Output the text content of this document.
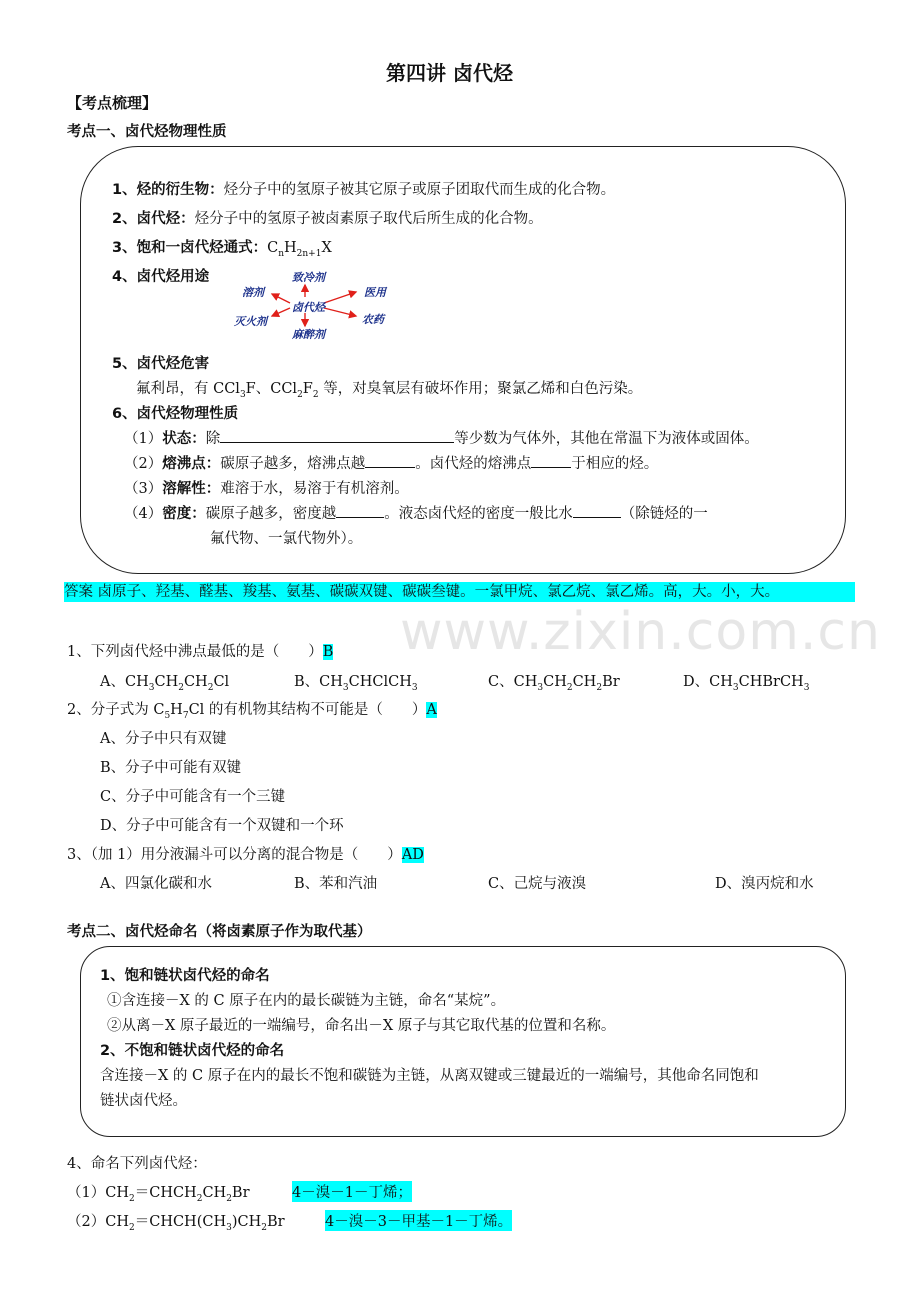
www.zixin.com.cn
第四讲 卤代烃
【考点梳理】
考点一、卤代烃物理性质
1、烃的衍生物：烃分子中的氢原子被其它原子或原子团取代而生成的化合物。
2、卤代烃：烃分子中的氢原子被卤素原子取代后所生成的化合物。
3、饱和一卤代烃通式：$C_nH_{2n+1}X$
4、卤代烃用途	致冷剂
卤代烃
麻醉剂
溶剂
灭火剂
医用
农药
5、卤代烃危害
氟利昂，有 CCl$_3$F、$CCl_2F_2$ 等，对臭氧层有破坏作用；聚氯乙烯和白色污染。
6、卤代烃物理性质
（1）状态：除	等少数为气体外，其他在常温下为液体或固体。
（2）熔沸点：碳原子越多，熔沸点越	。卤代烃的熔沸点	于相应的烃。
（3）溶解性：难溶于水，易溶于有机溶剂。
（4）密度：碳原子越多，密度越	。液态卤代烃的密度一般比水	（除链烃的一
氟代物、一氯代物外）。
答案 卤原子、羟基、醛基、羧基、氨基、碳碳双键、碳碳叁键。一氯甲烷、氯乙烷、氯乙烯。高，大。小，大。
1、下列卤代烃中沸点最低的是（　　）B
A、$CH_3CH_2CH_2Cl$	B、$CH_3CHClCH_3$	C、$CH_3CH_2CH_2Br$	D、$CH_3CHBrCH_3$
2、分子式为 $C_5H_7Cl$ 的有机物其结构不可能是（　　）A
A、分子中只有双键
B、分子中可能有双键
C、分子中可能含有一个三键
D、分子中可能含有一个双键和一个环
3、（加 1）用分液漏斗可以分离的混合物是（　　）AD
A、四氯化碳和水	B、苯和汽油	C、己烷与液溴	D、溴丙烷和水
考点二、卤代烃命名（将卤素原子作为取代基）
1、饱和链状卤代烃的命名
①含连接－X 的 C 原子在内的最长碳链为主链，命名“某烷”。
②从离－X 原子最近的一端编号，命名出－X 原子与其它取代基的位置和名称。
2、不饱和链状卤代烃的命名
含连接－X 的 C 原子在内的最长不饱和碳链为主链，从离双键或三键最近的一端编号，其他命名同饱和
链状卤代烃。
4、命名下列卤代烃：
$(1)CH_2=CHCH_2CH_2Br$	4－溴－1－丁烯；
$(2)CH_2=CHCH(CH_3)CH_2Br$	4－溴－3－甲基－1－丁烯。
